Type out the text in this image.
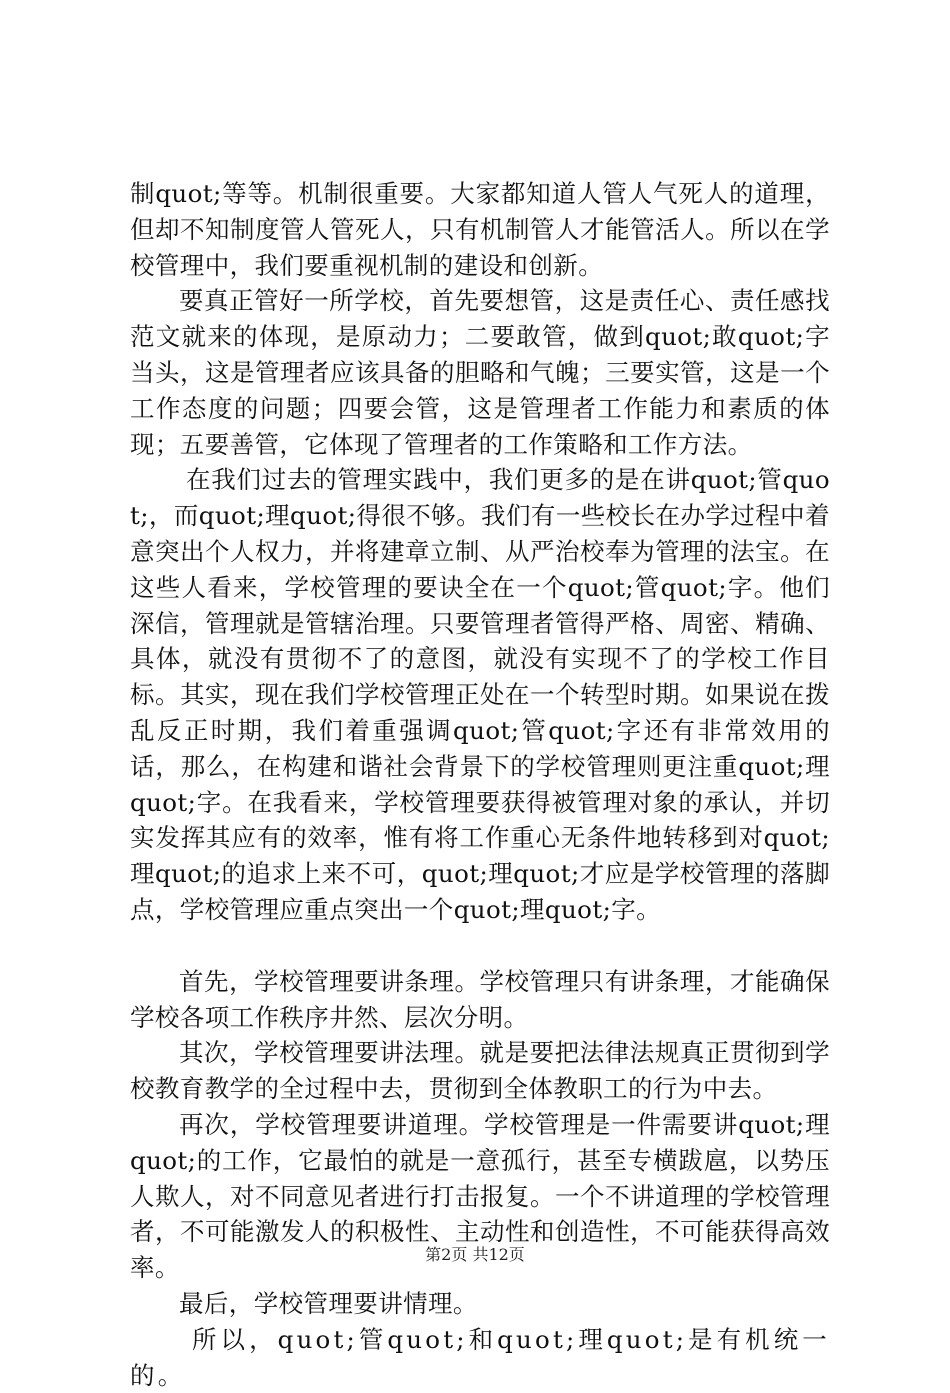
制quot;等等。机制很重要。大家都知道人管人气死人的道理，但却不知制度管人管死人，只有机制管人才能管活人。所以在学校管理中，我们要重视机制的建设和创新。

要真正管好一所学校，首先要想管，这是责任心、责任感找范文就来的体现，是原动力；二要敢管，做到quot;敢quot;字当头，这是管理者应该具备的胆略和气魄；三要实管，这是一个工作态度的问题；四要会管，这是管理者工作能力和素质的体现；五要善管，它体现了管理者的工作策略和工作方法。

在我们过去的管理实践中，我们更多的是在讲quot;管quot;，而quot;理quot;得很不够。我们有一些校长在办学过程中着意突出个人权力，并将建章立制、从严治校奉为管理的法宝。在这些人看来，学校管理的要诀全在一个quot;管quot;字。他们深信，管理就是管辖治理。只要管理者管得严格、周密、精确、具体，就没有贯彻不了的意图，就没有实现不了的学校工作目标。其实，现在我们学校管理正处在一个转型时期。如果说在拨乱反正时期，我们着重强调quot;管quot;字还有非常效用的话，那么，在构建和谐社会背景下的学校管理则更注重quot;理quot;字。在我看来，学校管理要获得被管理对象的承认，并切实发挥其应有的效率，惟有将工作重心无条件地转移到对quot;理quot;的追求上来不可，quot;理quot;才应是学校管理的落脚点，学校管理应重点突出一个quot;理quot;字。

首先，学校管理要讲条理。学校管理只有讲条理，才能确保学校各项工作秩序井然、层次分明。

其次，学校管理要讲法理。就是要把法律法规真正贯彻到学校教育教学的全过程中去，贯彻到全体教职工的行为中去。

再次，学校管理要讲道理。学校管理是一件需要讲quot;理quot;的工作，它最怕的就是一意孤行，甚至专横跋扈，以势压人欺人，对不同意见者进行打击报复。一个不讲道理的学校管理者，不可能激发人的积极性、主动性和创造性，不可能获得高效率。

最后，学校管理要讲情理。

所以，quot;管quot;和quot;理quot;是有机统一的。

第2页 共12页
